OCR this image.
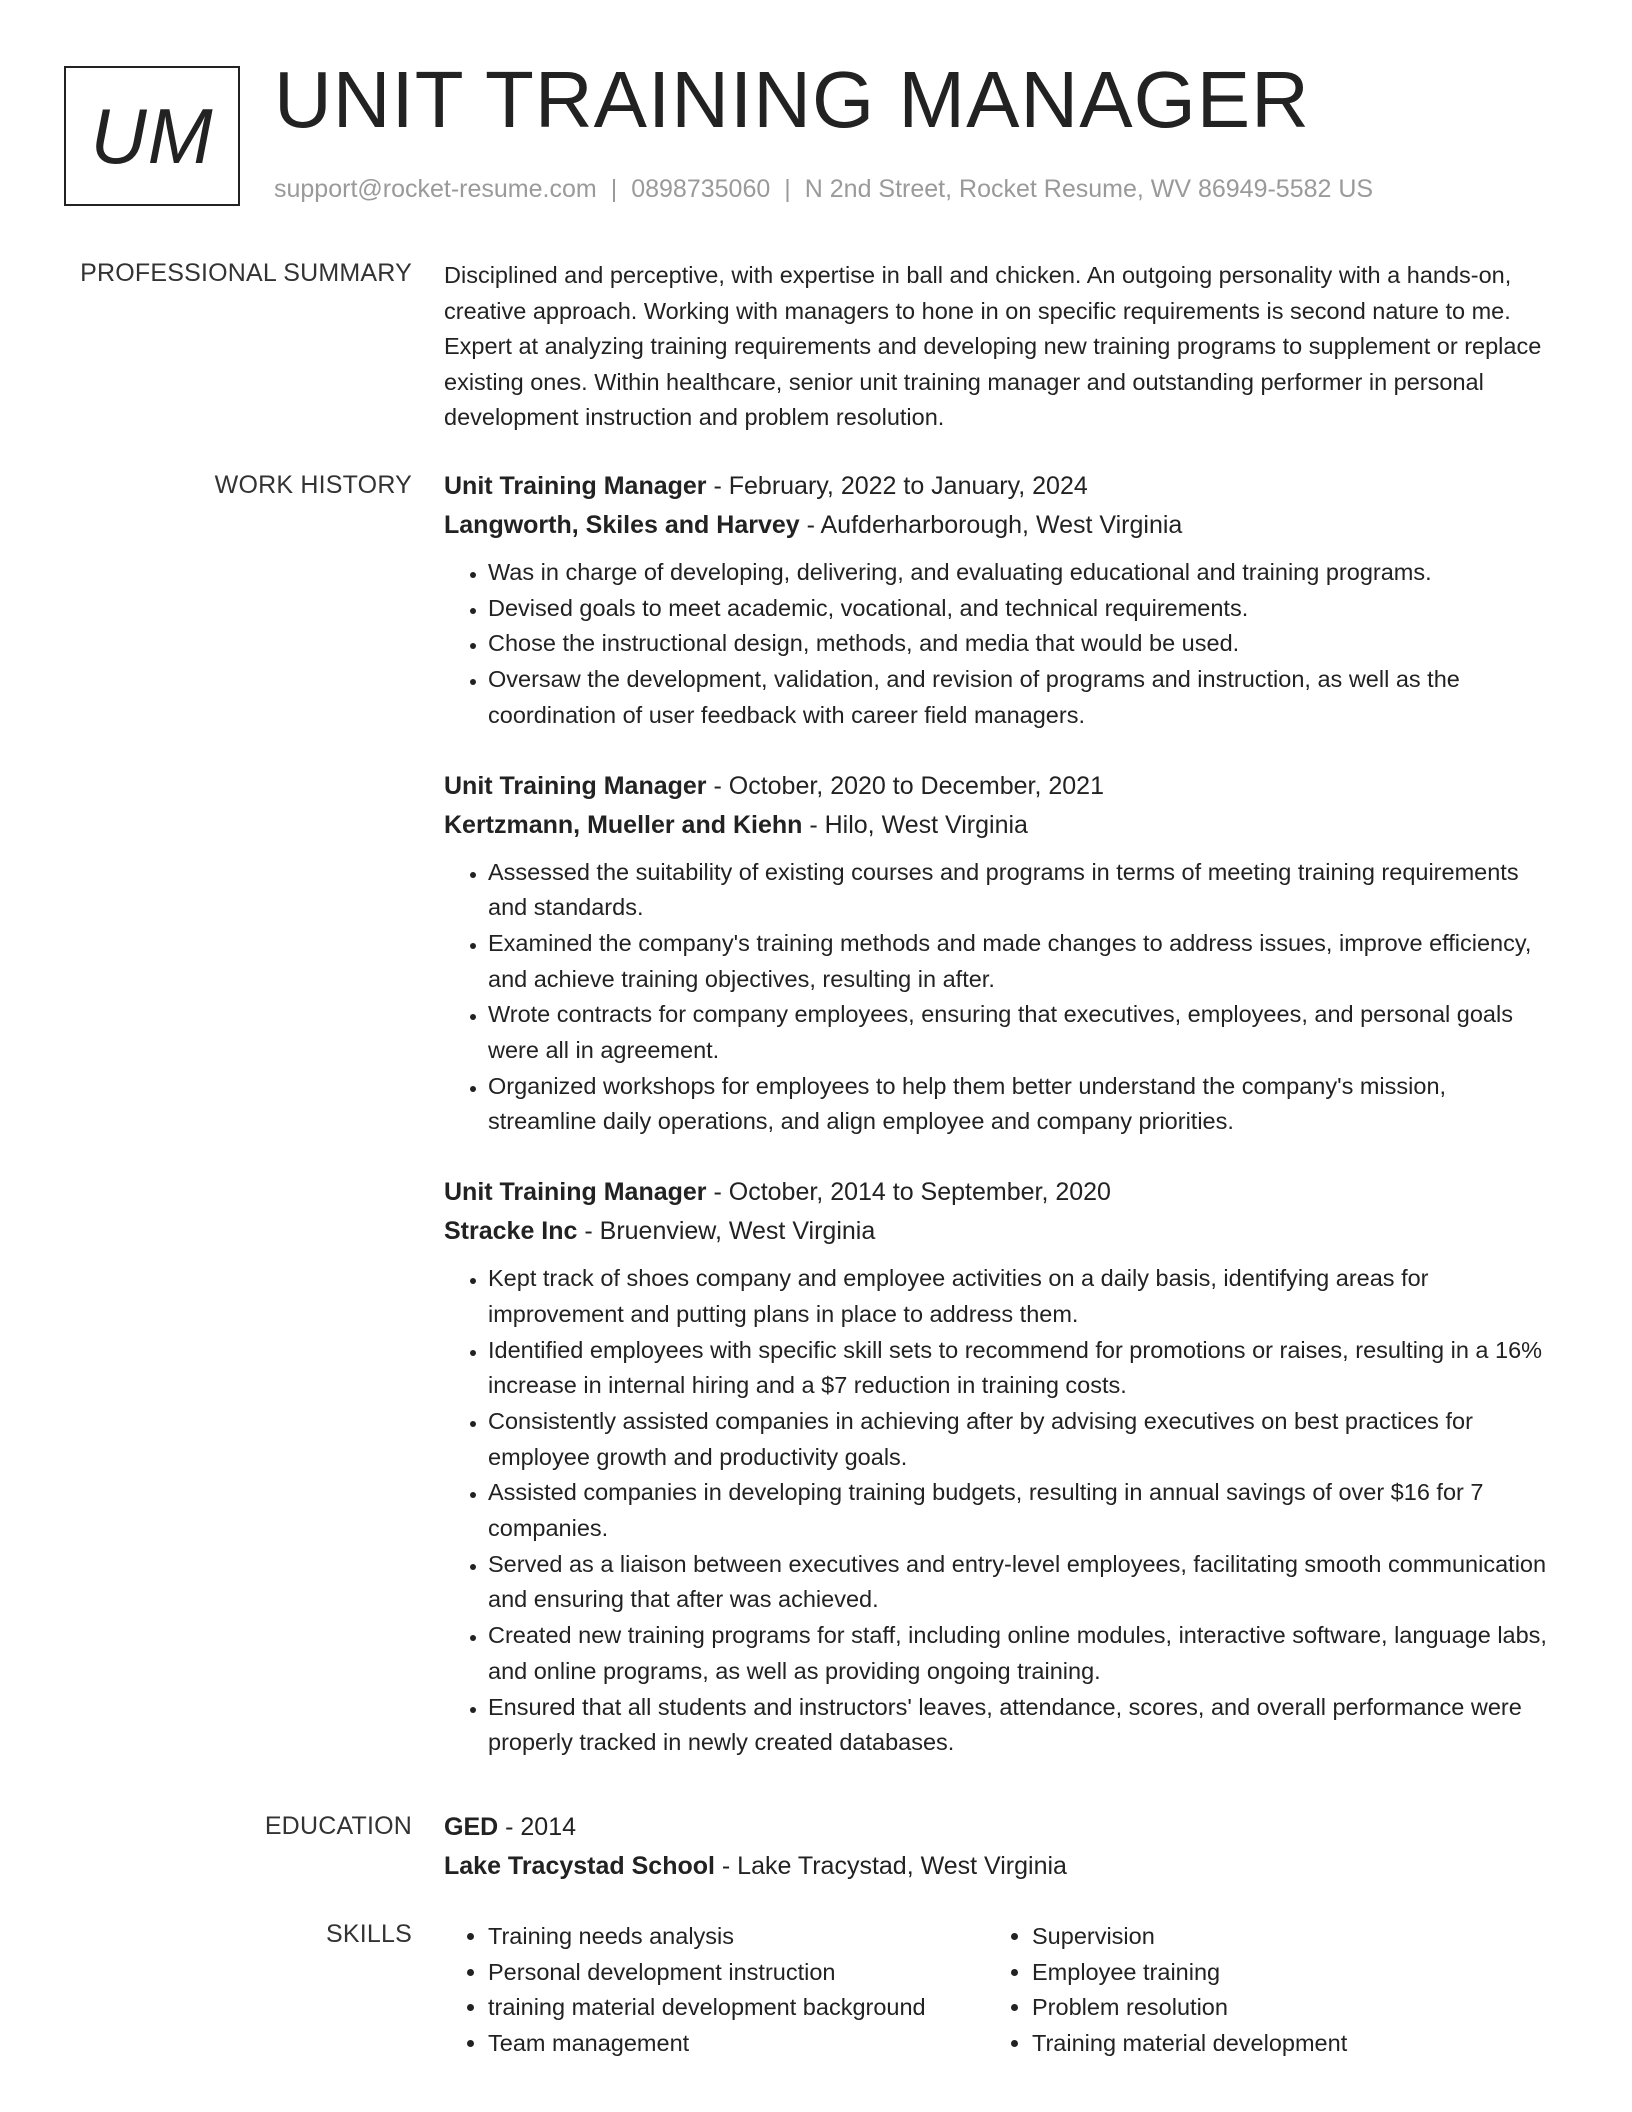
UM UNIT TRAINING MANAGER
support@rocket-resume.com | 0898735060 | N 2nd Street, Rocket Resume, WV 86949-5582 US
PROFESSIONAL SUMMARY Disciplined and perceptive, with expertise in ball and chicken. An outgoing personality with a hands-on, creative approach. Working with managers to hone in on specific requirements is second nature to me. Expert at analyzing training requirements and developing new training programs to supplement or replace existing ones. Within healthcare, senior unit training manager and outstanding performer in personal development instruction and problem resolution.

WORK HISTORY Unit Training Manager - February, 2022 to January, 2024
Langworth, Skiles and Harvey - Aufderharborough, West Virginia
• Was in charge of developing, delivering, and evaluating educational and training programs.
• Devised goals to meet academic, vocational, and technical requirements.
• Chose the instructional design, methods, and media that would be used.
• Oversaw the development, validation, and revision of programs and instruction, as well as the coordination of user feedback with career field managers.
Unit Training Manager - October, 2020 to December, 2021
Kertzmann, Mueller and Kiehn - Hilo, West Virginia
• Assessed the suitability of existing courses and programs in terms of meeting training requirements and standards.
• Examined the company's training methods and made changes to address issues, improve efficiency, and achieve training objectives, resulting in after.
• Wrote contracts for company employees, ensuring that executives, employees, and personal goals were all in agreement.
• Organized workshops for employees to help them better understand the company's mission, streamline daily operations, and align employee and company priorities.
Unit Training Manager - October, 2014 to September, 2020
Stracke Inc - Bruenview, West Virginia
• Kept track of shoes company and employee activities on a daily basis, identifying areas for improvement and putting plans in place to address them.
• Identified employees with specific skill sets to recommend for promotions or raises, resulting in a 16% increase in internal hiring and a $7 reduction in training costs.
• Consistently assisted companies in achieving after by advising executives on best practices for employee growth and productivity goals.
• Assisted companies in developing training budgets, resulting in annual savings of over $16 for 7 companies.
• Served as a liaison between executives and entry-level employees, facilitating smooth communication and ensuring that after was achieved.
• Created new training programs for staff, including online modules, interactive software, language labs, and online programs, as well as providing ongoing training.
• Ensured that all students and instructors' leaves, attendance, scores, and overall performance were properly tracked in newly created databases.
EDUCATION GED - 2014
Lake Tracystad School - Lake Tracystad, West Virginia
SKILLS
•	Training needs analysis
• Personal development instruction
• training material development background
• Team management
• Supervision
• Employee training
• Problem resolution
• Training material development
